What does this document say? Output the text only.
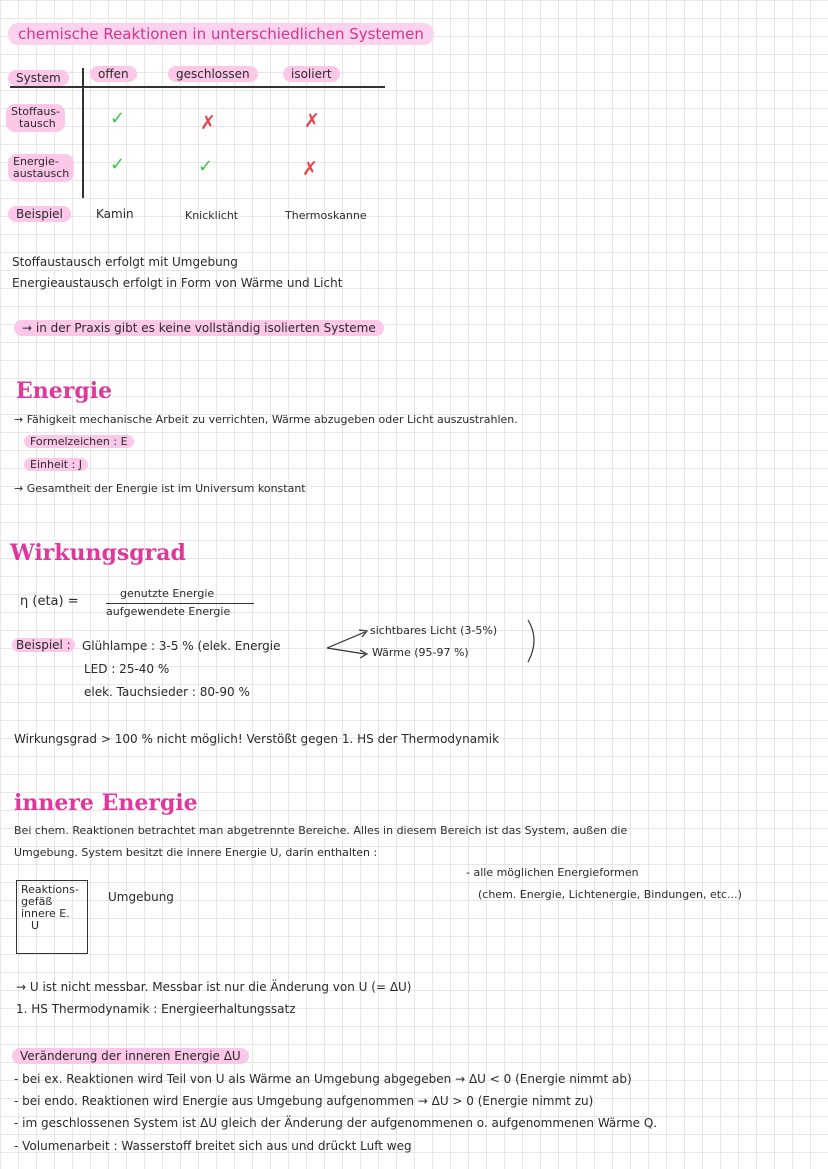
chemische Reaktionen in unterschiedlichen Systemen
System	offen	geschlossen	isoliert
Stoffaus-
tausch	✓	✗	✗
Energie-
austausch ✓	✓	✗
Beispiel	Kamin	Knicklicht	Thermoskanne
Stoffaustausch erfolgt mit Umgebung
Energieaustausch erfolgt in Form von Wärme und Licht
→ in der Praxis gibt es keine vollständig isolierten Systeme
Energie
→ Fähigkeit mechanische Arbeit zu verrichten, Wärme abzugeben oder Licht auszustrahlen.
Formelzeichen : E
Einheit : J
→ Gesamtheit der Energie ist im Universum konstant
Wirkungsgrad
η (eta) =
genutzte Energie
aufgewendete Energie
Beispiel : Glühlampe : 3-5 % (elek. Energie
sichtbares Licht (3-5%)
Wärme (95-97 %)
LED : 25-40 %
elek. Tauchsieder : 80-90 %
Wirkungsgrad > 100 % nicht möglich! Verstößt gegen 1. HS der Thermodynamik
innere Energie
Bei chem. Reaktionen betrachtet man abgetrennte Bereiche. Alles in diesem Bereich ist das System, außen die
Umgebung. System besitzt die innere Energie U, darin enthalten :
- alle möglichen Energieformen
(chem. Energie, Lichtenergie, Bindungen, etc...)
Reaktions-
gefäß
innere E.
U
Umgebung
→ U ist nicht messbar. Messbar ist nur die Änderung von U (= ΔU)
1. HS Thermodynamik : Energieerhaltungssatz
Veränderung der inneren Energie ΔU
- bei ex. Reaktionen wird Teil von U als Wärme an Umgebung abgegeben → ΔU < 0 (Energie nimmt ab)
- bei endo. Reaktionen wird Energie aus Umgebung aufgenommen → ΔU > 0 (Energie nimmt zu)
- im geschlossenen System ist ΔU gleich der Änderung der aufgenommenen o. aufgenommenen Wärme Q.
- Volumenarbeit : Wasserstoff breitet sich aus und drückt Luft weg
